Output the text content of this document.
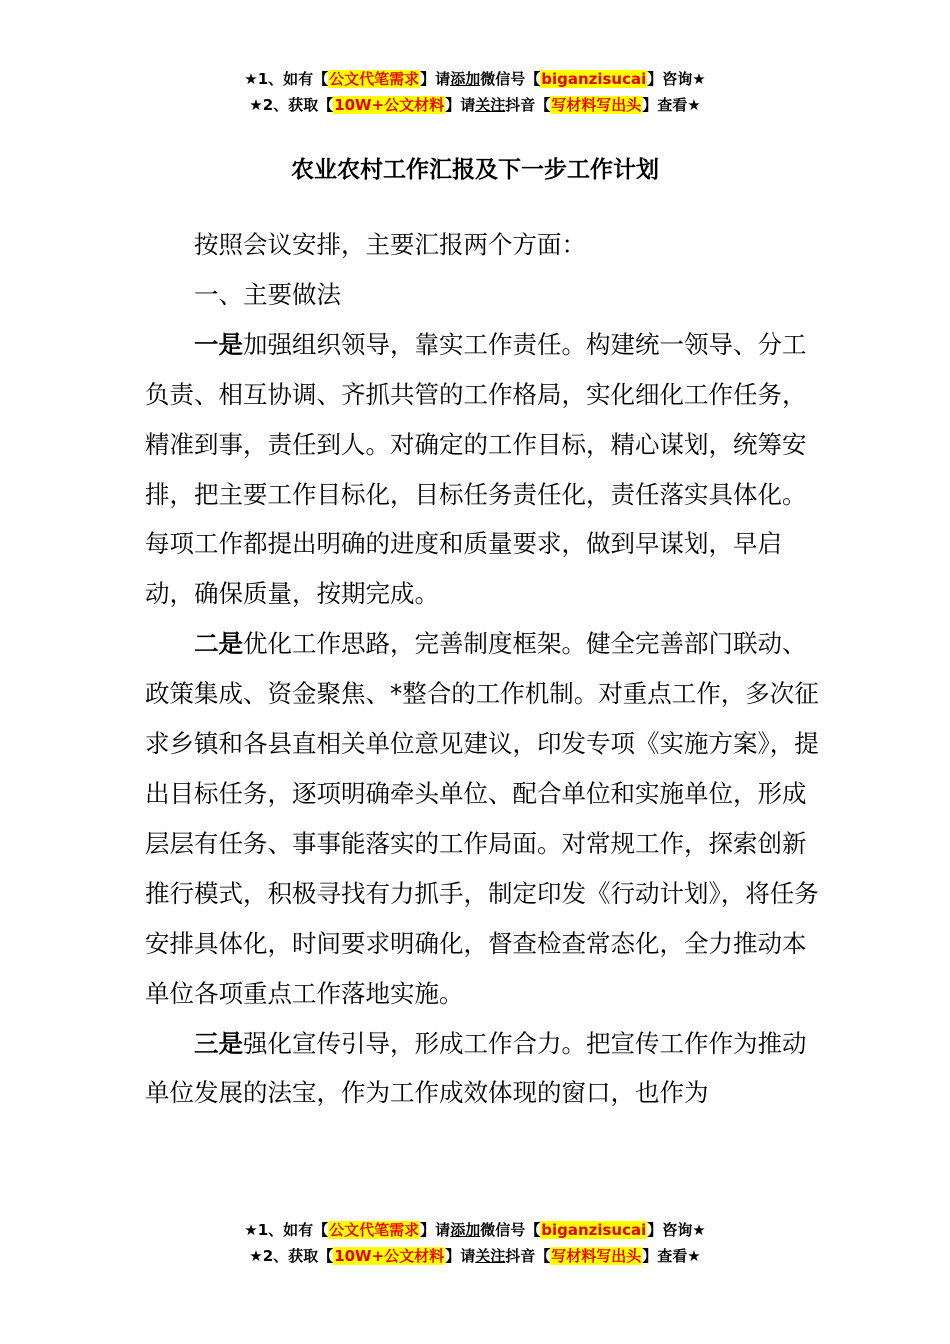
★1、如有【公文代笔需求】请添加微信号【biganzisucai】咨询★
★2、获取【10W+公文材料】请关注抖音【写材料写出头】查看★
农业农村工作汇报及下一步工作计划

按照会议安排，主要汇报两个方面：

一、主要做法

一是加强组织领导，靠实工作责任。构建统一领导、分工负责、相互协调、齐抓共管的工作格局，实化细化工作任务，精准到事，责任到人。对确定的工作目标，精心谋划，统筹安排，把主要工作目标化，目标任务责任化，责任落实具体化。每项工作都提出明确的进度和质量要求，做到早谋划，早启动，确保质量，按期完成。

二是优化工作思路，完善制度框架。健全完善部门联动、政策集成、资金聚焦、*整合的工作机制。对重点工作，多次征求乡镇和各县直相关单位意见建议，印发专项《实施方案》，提出目标任务，逐项明确牵头单位、配合单位和实施单位，形成层层有任务、事事能落实的工作局面。对常规工作，探索创新推行模式，积极寻找有力抓手，制定印发《行动计划》，将任务安排具体化，时间要求明确化，督查检查常态化，全力推动本单位各项重点工作落地实施。

三是强化宣传引导，形成工作合力。把宣传工作作为推动单位发展的法宝，作为工作成效体现的窗口，也作为

★1、如有【公文代笔需求】请添加微信号【biganzisucai】咨询★
★2、获取【10W+公文材料】请关注抖音【写材料写出头】查看★
